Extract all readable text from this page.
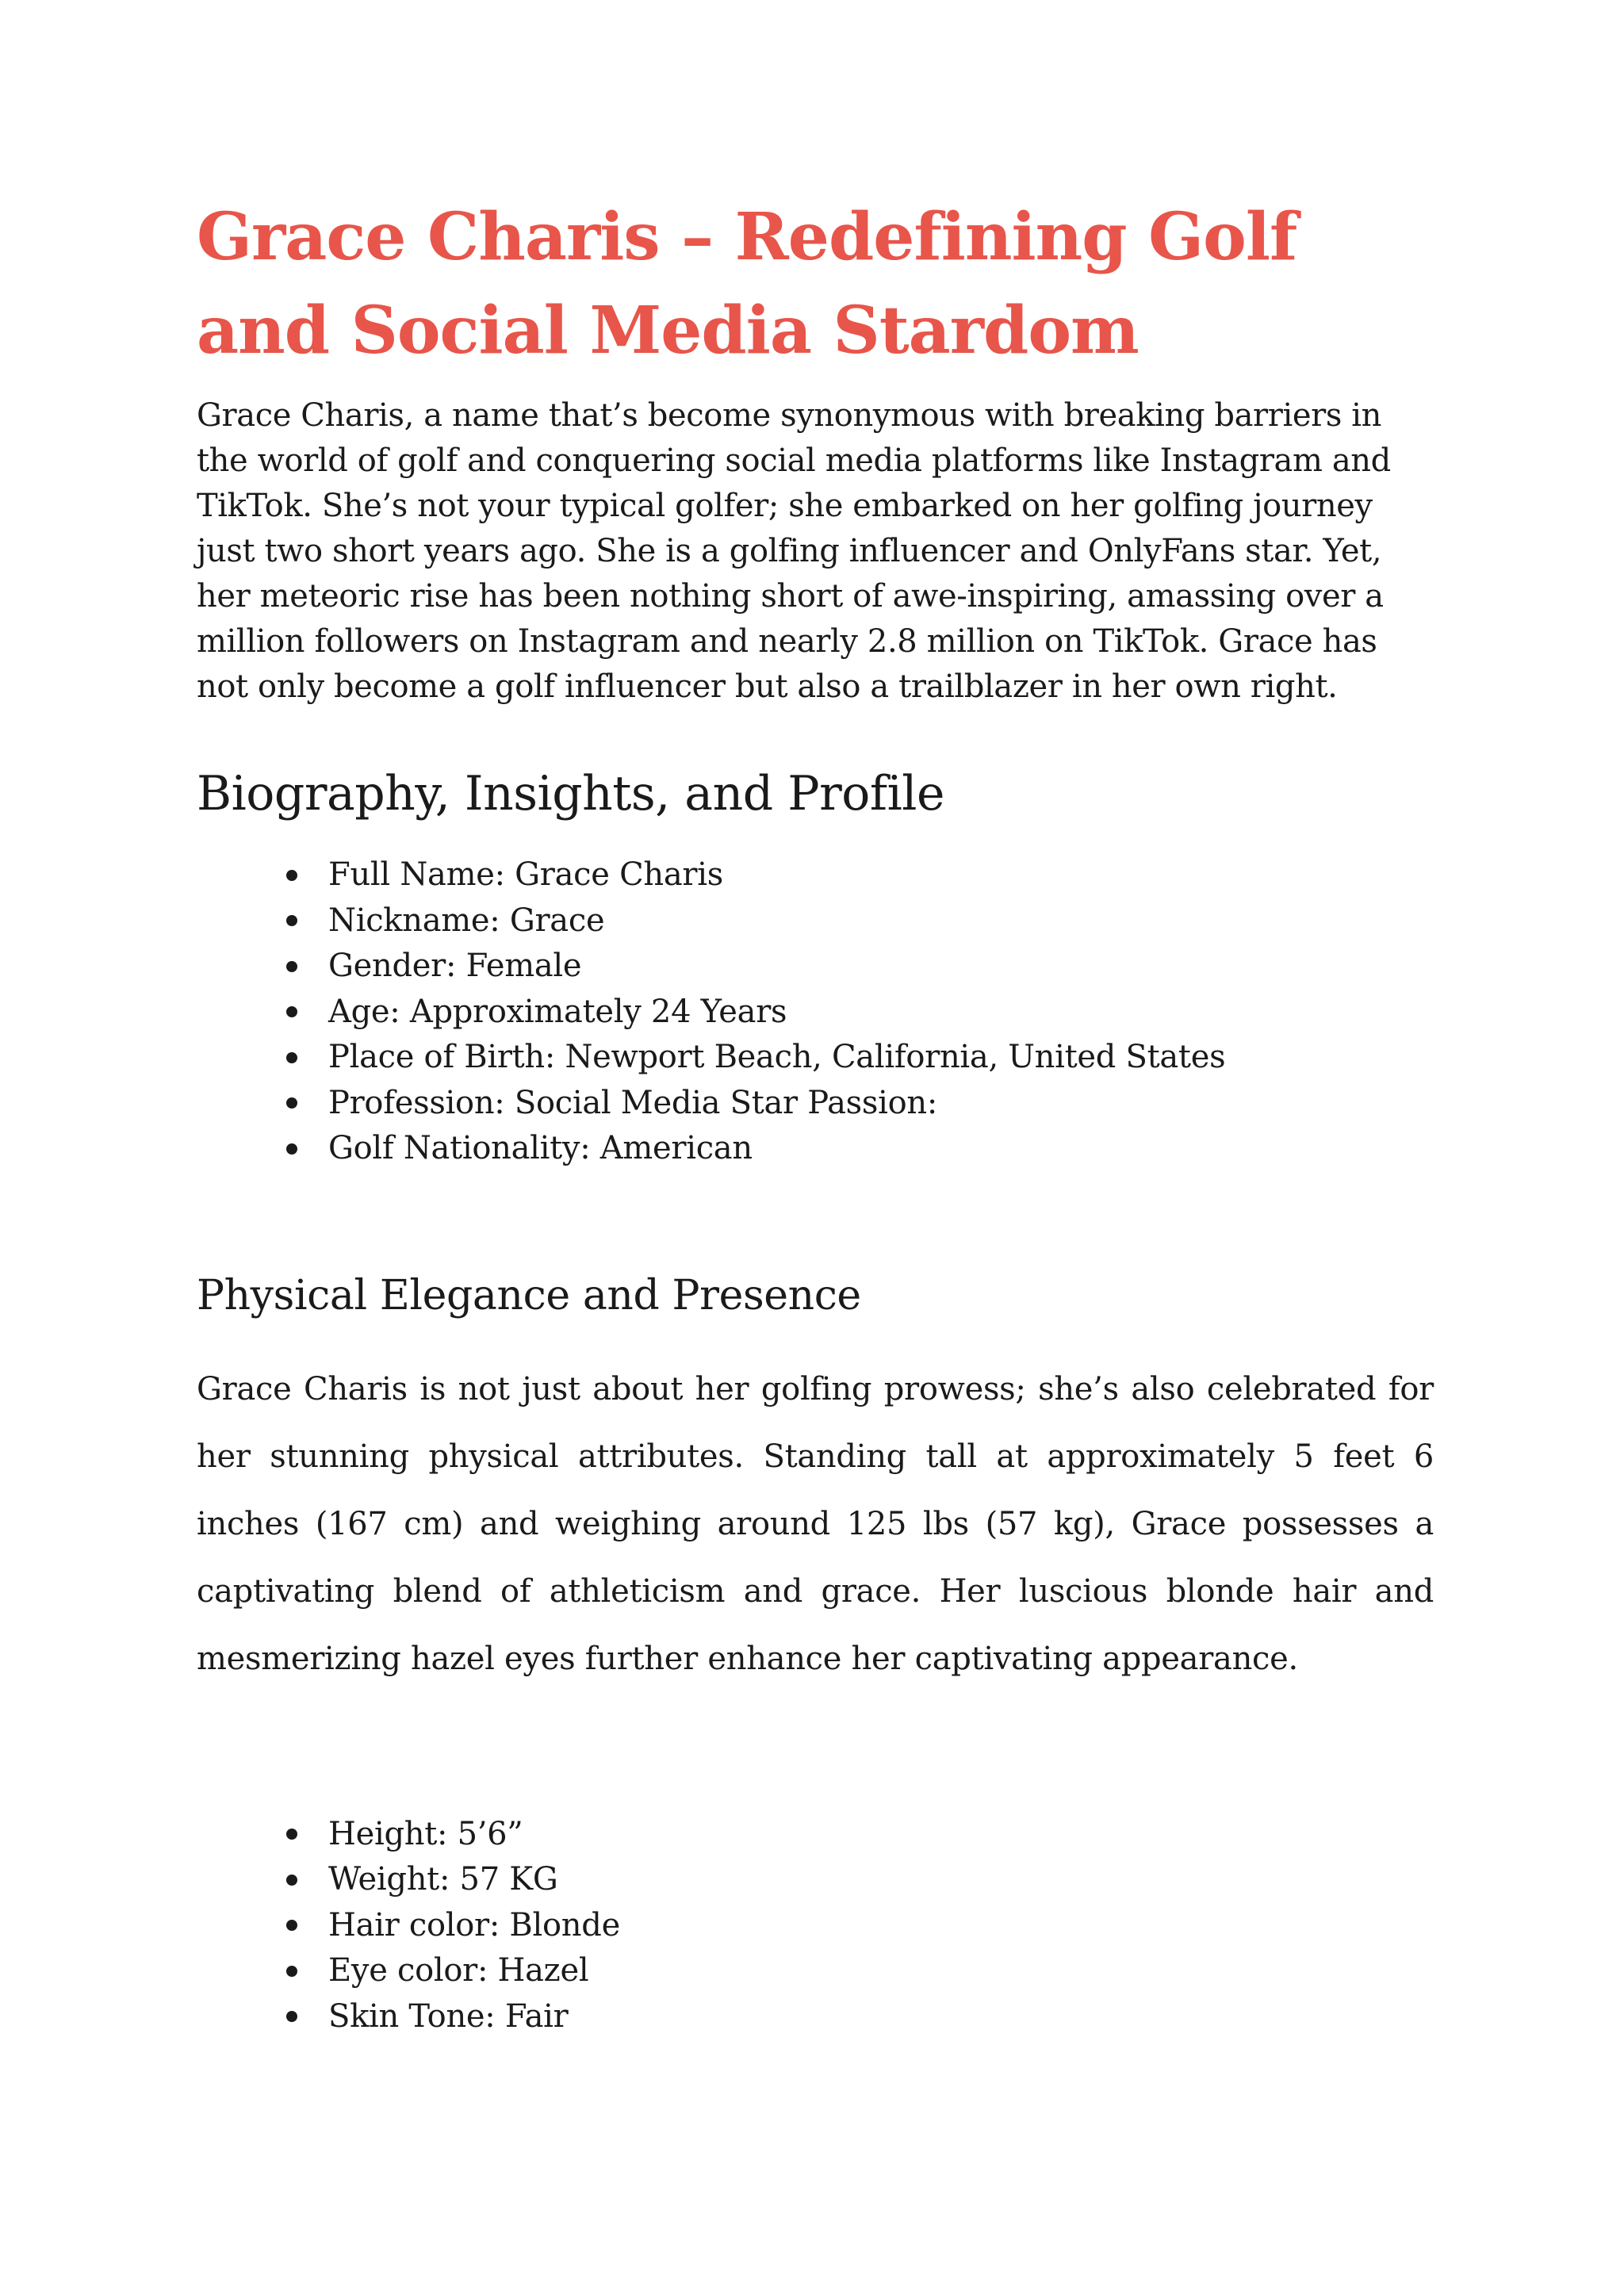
Grace Charis – Redefining Golf and Social Media Stardom

Grace Charis, a name that’s become synonymous with breaking barriers in the world of golf and conquering social media platforms like Instagram and TikTok. She’s not your typical golfer; she embarked on her golfing journey just two short years ago. She is a golfing influencer and OnlyFans star. Yet, her meteoric rise has been nothing short of awe-inspiring, amassing over a million followers on Instagram and nearly 2.8 million on TikTok. Grace has not only become a golf influencer but also a trailblazer in her own right.

Biography, Insights, and Profile
Full Name: Grace Charis
Nickname: Grace
Gender: Female
Age: Approximately 24 Years
Place of Birth: Newport Beach, California, United States
Profession: Social Media Star Passion:
Golf Nationality: American
Physical Elegance and Presence

Grace Charis is not just about her golfing prowess; she’s also celebrated for her stunning physical attributes. Standing tall at approximately 5 feet 6 inches (167 cm) and weighing around 125 lbs (57 kg), Grace possesses a captivating blend of athleticism and grace. Her luscious blonde hair and mesmerizing hazel eyes further enhance her captivating appearance.

Height: 5’6”
Weight: 57 KG
Hair color: Blonde
Eye color: Hazel
Skin Tone: Fair
